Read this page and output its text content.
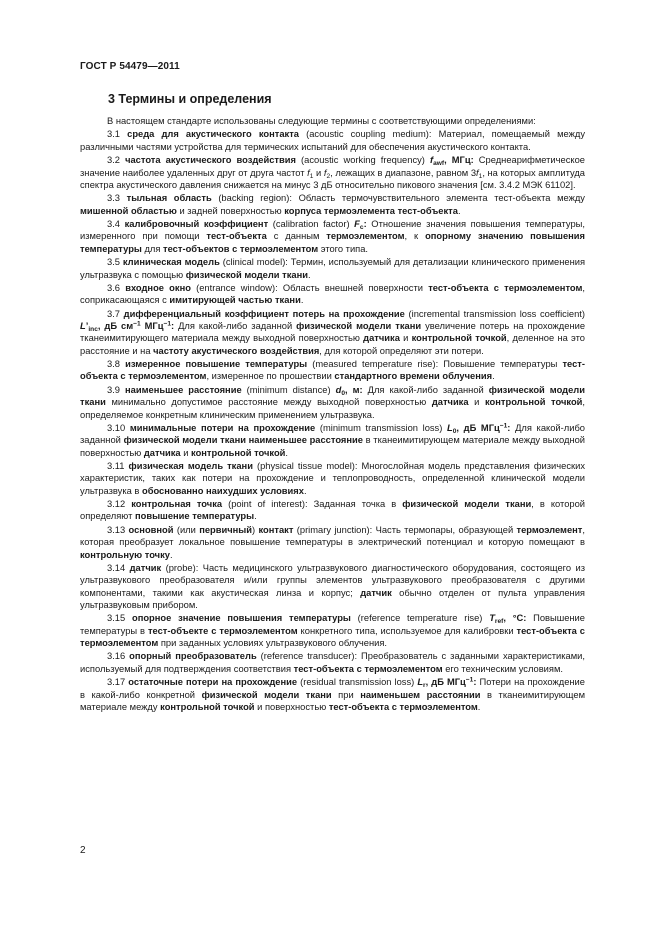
ГОСТ Р 54479—2011
3 Термины и определения

В настоящем стандарте использованы следующие термины с соответствующими определениями:

3.1 среда для акустического контакта (acoustic coupling medium): Материал, помещаемый между различными частями устройства для термических испытаний для обеспечения акустического контакта.

3.2 частота акустического воздействия (acoustic working frequency) $f_{awf}$, МГц: Среднеарифметическое значение наиболее удаленных друг от друга частот $f_1$ и $f_2$, лежащих в диапазоне, равном $3f_1$, на которых амплитуда спектра акустического давления снижается на минус 3 дБ относительно пикового значения [см. 3.4.2 МЭК 61102].

3.3 тыльная область (backing region): Область термочувствительного элемента тест-объекта между мишенной областью и задней поверхностью корпуса термоэлемента тест-объекта.

3.4 калибровочный коэффициент (calibration factor) $F_c$: Отношение значения повышения температуры, измеренного при помощи тест-объекта с данным термоэлементом, к опорному значению повышения температуры для тест-объектов с термоэлементом этого типа.

3.5 клиническая модель (clinical model): Термин, используемый для детализации клинического применения ультразвука с помощью физической модели ткани.

3.6 входное окно (entrance window): Область внешней поверхности тест-объекта с термоэлементом, соприкасающаяся с имитирующей частью ткани.

3.7 дифференциальный коэффициент потерь на прохождение (incremental transmission loss coefficient) $L’_{inc}$, дБ $см^{-1}$ МГц$^{-1}$: Для какой-либо заданной физической модели ткани увеличение потерь на прохождение тканеимитирующего материала между выходной поверхностью датчика и контрольной точкой, деленное на это расстояние и на частоту акустического воздействия, для которой определяют эти потери.

3.8 измеренное повышение температуры (measured temperature rise): Повышение температуры тест-объекта с термоэлементом, измеренное по прошествии стандартного времени облучения.

3.9 наименьшее расстояние (minimum distance) $d_0$, м: Для какой-либо заданной физической модели ткани минимально допустимое расстояние между выходной поверхностью датчика и контрольной точкой, определяемое конкретным клиническим применением ультразвука.

3.10 минимальные потери на прохождение (minimum transmission loss) $L_0$, дБ МГц$^{-1}$: Для какой-либо заданной физической модели ткани наименьшее расстояние в тканеимитирующем материале между выходной поверхностью датчика и контрольной точкой.

3.11 физическая модель ткани (physical tissue model): Многослойная модель представления физических характеристик, таких как потери на прохождение и теплопроводность, определенной клинической модели ультразвука в обоснованно наихудших условиях.

3.12 контрольная точка (point of interest): Заданная точка в физической модели ткани, в которой определяют повышение температуры.

3.13 основной (или первичный) контакт (primary junction): Часть термопары, образующей термоэлемент, которая преобразует локальное повышение температуры в электрический потенциал и которую помещают в контрольную точку.

3.14 датчик (probe): Часть медицинского ультразвукового диагностического оборудования, состоящего из ультразвукового преобразователя и/или группы элементов ультразвукового преобразователя с другими компонентами, такими как акустическая линза и корпус; датчик обычно отделен от пульта управления ультразвуковым прибором.

3.15 опорное значение повышения температуры (reference temperature rise) $T_{ref}$, °C: Повышение температуры в тест-объекте с термоэлементом конкретного типа, используемое для калибровки тест-объекта с термоэлементом при заданных условиях ультразвукового облучения.

3.16 опорный преобразователь (reference transducer): Преобразователь с заданными характеристиками, используемый для подтверждения соответствия тест-объекта с термоэлементом его техническим условиям.

3.17 остаточные потери на прохождение (residual transmission loss) $L_r$, дБ МГц$^{-1}$: Потери на прохождение в какой-либо конкретной физической модели ткани при наименьшем расстоянии в тканеимитирующем материале между контрольной точкой и поверхностью тест-объекта с термоэлементом.

2
